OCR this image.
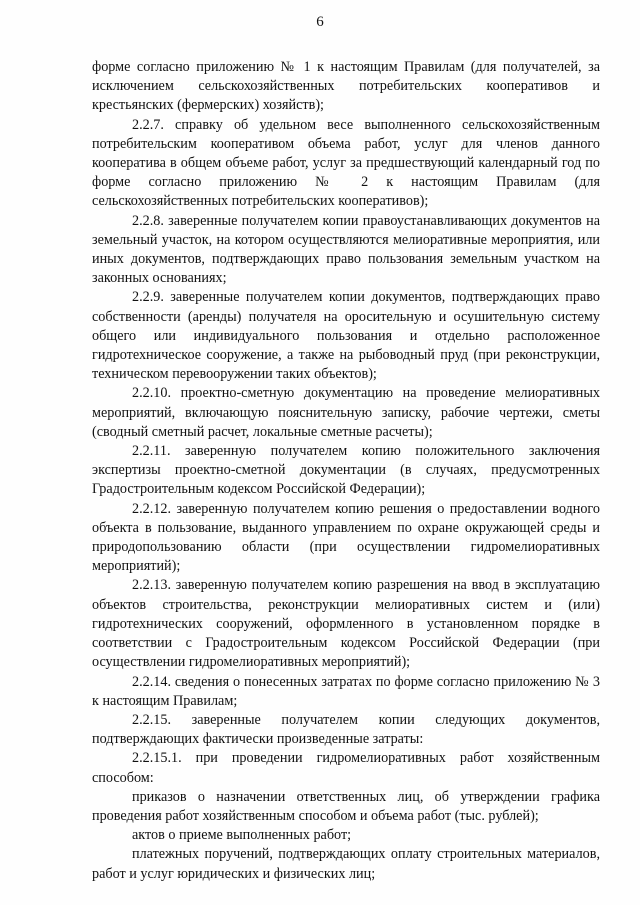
6

форме согласно приложению № 1 к настоящим Правилам (для получателей, за исключением сельскохозяйственных потребительских кооперативов и крестьянских (фермерских) хозяйств);

2.2.7. справку об удельном весе выполненного сельскохозяйственным потребительским кооперативом объема работ, услуг для членов данного кооператива в общем объеме работ, услуг за предшествующий календарный год по форме согласно приложению № 2 к настоящим Правилам (для сельскохозяйственных потребительских кооперативов);

2.2.8. заверенные получателем копии правоустанавливающих документов на земельный участок, на котором осуществляются мелиоративные мероприятия, или иных документов, подтверждающих право пользования земельным участком на законных основаниях;

2.2.9. заверенные получателем копии документов, подтверждающих право собственности (аренды) получателя на оросительную и осушительную систему общего или индивидуального пользования и отдельно расположенное гидротехническое сооружение, а также на рыбоводный пруд (при реконструкции, техническом перевооружении таких объектов);

2.2.10. проектно-сметную документацию на проведение мелиоративных мероприятий, включающую пояснительную записку, рабочие чертежи, сметы (сводный сметный расчет, локальные сметные расчеты);

2.2.11. заверенную получателем копию положительного заключения экспертизы проектно-сметной документации (в случаях, предусмотренных Градостроительным кодексом Российской Федерации);

2.2.12. заверенную получателем копию решения о предоставлении водного объекта в пользование, выданного управлением по охране окружающей среды и природопользованию области (при осуществлении гидромелиоративных мероприятий);

2.2.13. заверенную получателем копию разрешения на ввод в эксплуатацию объектов строительства, реконструкции мелиоративных систем и (или) гидротехнических сооружений, оформленного в установленном порядке в соответствии с Градостроительным кодексом Российской Федерации (при осуществлении гидромелиоративных мероприятий);

2.2.14. сведения о понесенных затратах по форме согласно приложению № 3 к настоящим Правилам;

2.2.15. заверенные получателем копии следующих документов, подтверждающих фактически произведенные затраты:

2.2.15.1. при проведении гидромелиоративных работ хозяйственным способом:

приказов о назначении ответственных лиц, об утверждении графика проведения работ хозяйственным способом и объема работ (тыс. рублей);

актов о приеме выполненных работ;

платежных поручений, подтверждающих оплату строительных материалов, работ и услуг юридических и физических лиц;
